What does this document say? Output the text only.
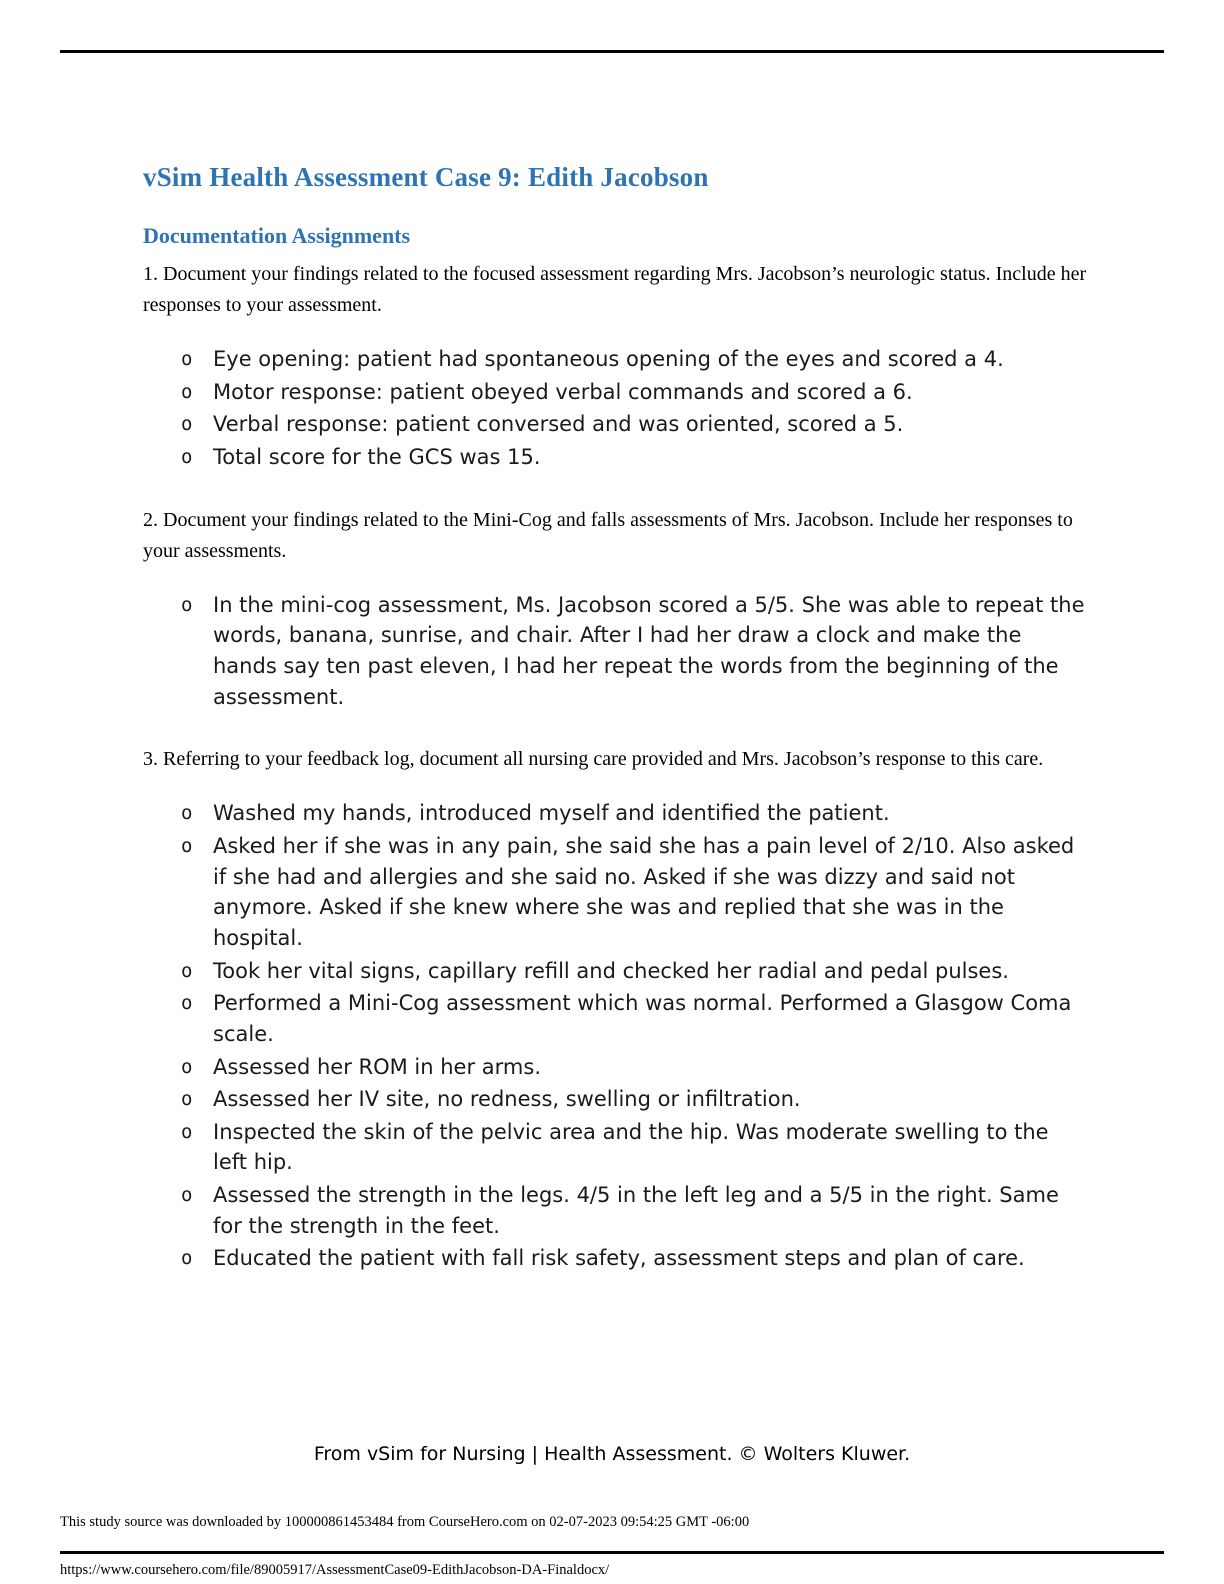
vSim Health Assessment Case 9: Edith Jacobson
Documentation Assignments

1. Document your findings related to the focused assessment regarding Mrs. Jacobson’s neurologic status. Include her responses to your assessment.

o Eye opening: patient had spontaneous opening of the eyes and scored a 4.
o Motor response: patient obeyed verbal commands and scored a 6.
o Verbal response: patient conversed and was oriented, scored a 5.
o Total score for the GCS was 15.

2. Document your findings related to the Mini-Cog and falls assessments of Mrs. Jacobson. Include her responses to your assessments.

o In the mini-cog assessment, Ms. Jacobson scored a 5/5. She was able to repeat the words, banana, sunrise, and chair. After I had her draw a clock and make the hands say ten past eleven, I had her repeat the words from the beginning of the assessment.

3. Referring to your feedback log, document all nursing care provided and Mrs. Jacobson’s response to this care.

o Washed my hands, introduced myself and identified the patient.
o Asked her if she was in any pain, she said she has a pain level of 2/10. Also asked if she had and allergies and she said no. Asked if she was dizzy and said not anymore. Asked if she knew where she was and replied that she was in the hospital.
o Took her vital signs, capillary refill and checked her radial and pedal pulses.
o Performed a Mini-Cog assessment which was normal. Performed a Glasgow Coma scale.
o Assessed her ROM in her arms.
o Assessed her IV site, no redness, swelling or infiltration.
o Inspected the skin of the pelvic area and the hip. Was moderate swelling to the left hip.
o Assessed the strength in the legs. 4/5 in the left leg and a 5/5 in the right. Same for the strength in the feet.
o Educated the patient with fall risk safety, assessment steps and plan of care.
From vSim for Nursing | Health Assessment. © Wolters Kluwer.
This study source was downloaded by 100000861453484 from CourseHero.com on 02-07-2023 09:54:25 GMT -06:00
https://www.coursehero.com/file/89005917/AssessmentCase09-EdithJacobson-DA-Finaldocx/
